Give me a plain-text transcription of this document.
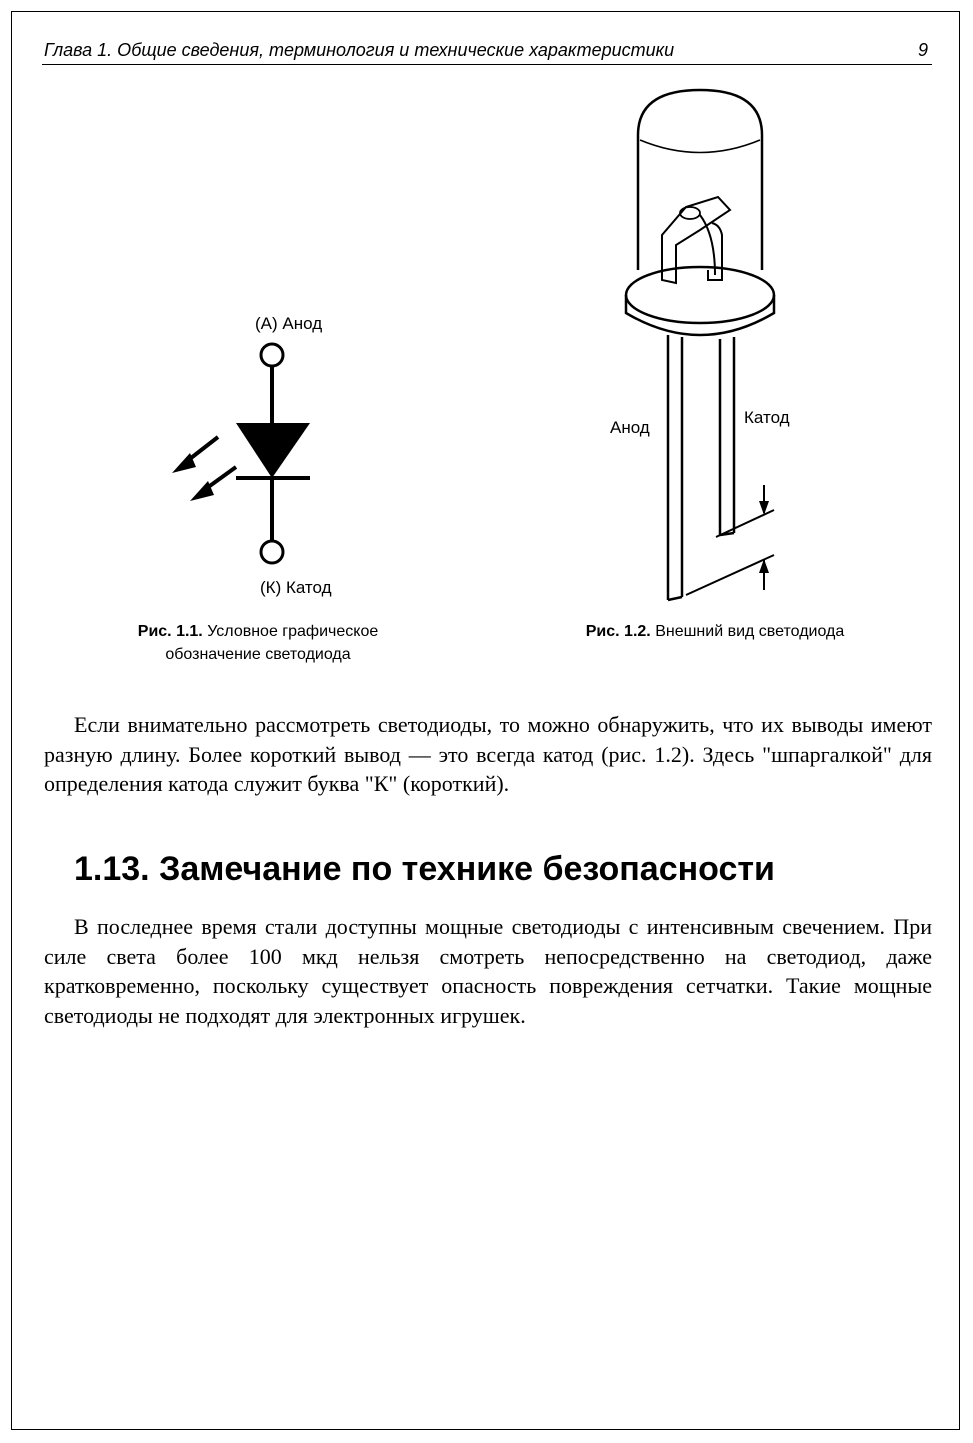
Глава 1. Общие сведения, терминология и технические характеристики	9
(А) Анод
(К) Катод
Рис. 1.1. Условное графическое
обозначение светодиода
Анод
Катод
Рис. 1.2. Внешний вид светодиода

Если внимательно рассмотреть светодиоды, то можно обнаружить, что их выводы имеют разную длину. Более короткий вывод — это всегда катод (рис. 1.2). Здесь "шпаргалкой" для определения катода служит буква "К" (короткий).

1.13. Замечание по технике безопасности

В последнее время стали доступны мощные светодиоды с интенсивным свечением. При силе света более 100 мкд нельзя смотреть непосредственно на светодиод, даже кратковременно, поскольку существует опасность повреждения сетчатки. Такие мощные светодиоды не подходят для электронных игрушек.
